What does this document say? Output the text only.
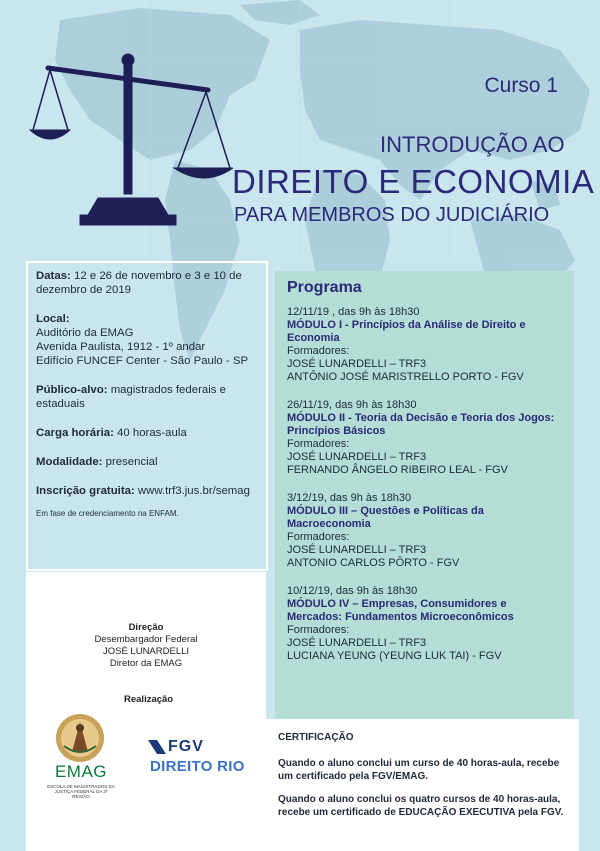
Curso 1
INTRODUÇÃO AO
DIREITO E ECONOMIA
PARA MEMBROS DO JUDICIÁRIO
Datas: 12 e 26 de novembro e 3 e 10 de dezembro de 2019
Local:
Auditório da EMAG
Avenida Paulista, 1912 - 1º andar
Edifício FUNCEF Center - São Paulo - SP
Público-alvo: magistrados federais e estaduais
Carga horária: 40 horas-aula
Modalidade: presencial
Inscrição gratuita: www.trf3.jus.br/semag
Em fase de credenciamento na ENFAM.
Programa
12/11/19 , das 9h às 18h30
MÓDULO I - Princípios da Análise de Direito e Economia
Formadores:
JOSÉ LUNARDELLI – TRF3
ANTÔNIO JOSÉ MARISTRELLO PORTO - FGV
26/11/19, das 9h às 18h30
MÓDULO II - Teoria da Decisão e Teoria dos Jogos: Princípios Básicos
Formadores:
JOSÉ LUNARDELLI – TRF3
FERNANDO ÂNGELO RIBEIRO LEAL - FGV
3/12/19, das 9h às 18h30
MÓDULO III – Questões e Políticas da Macroeconomia
Formadores:
JOSÉ LUNARDELLI – TRF3
ANTONIO CARLOS PÔRTO - FGV
10/12/19, das 9h às 18h30
MÓDULO IV – Empresas, Consumidores e Mercados: Fundamentos Microeconômicos
Formadores:
JOSÉ LUNARDELLI – TRF3
LUCIANA YEUNG (YEUNG LUK TAI) - FGV
Direção
Desembargador Federal
JOSÉ LUNARDELLI
Diretor da EMAG
Realização
EMAG
ESCOLA DE MAGISTRADOS DA JUSTIÇA FEDERAL DA 3ª REGIÃO
FGV
DIREITO RIO
CERTIFICAÇÃO

Quando o aluno conclui um curso de 40 horas-aula, recebe um certificado pela FGV/EMAG.

Quando o aluno conclui os quatro cursos de 40 horas-aula, recebe um certificado de EDUCAÇÃO EXECUTIVA pela FGV.
